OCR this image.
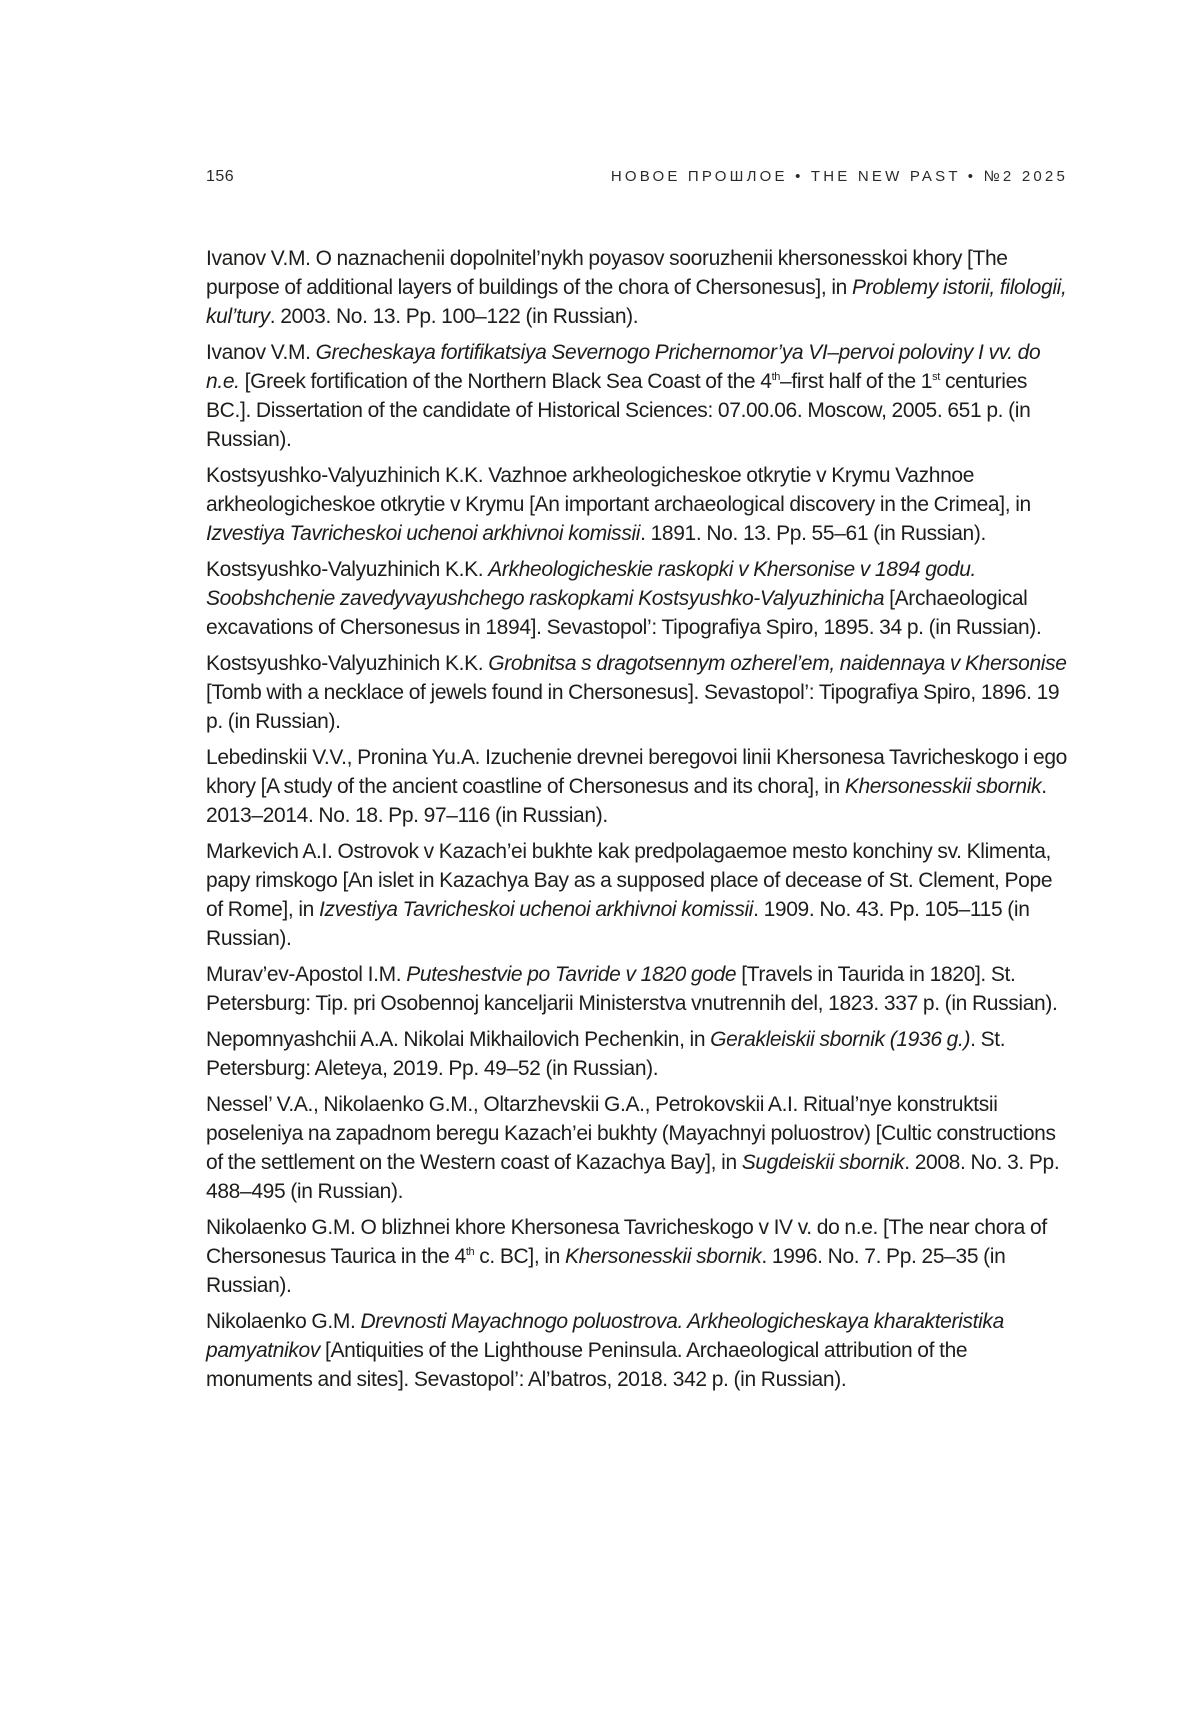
156	НОВОЕ ПРОШЛОЕ • THE NEW PAST • №2 2025

Ivanov V.M. O naznachenii dopolnitel’nykh poyasov sooruzhenii khersonesskoi khory [The purpose of additional layers of buildings of the chora of Chersonesus], in Problemy istorii, filologii, kul’tury. 2003. No. 13. Pp. 100–122 (in Russian).

Ivanov V.M. Grecheskaya fortifikatsiya Severnogo Prichernomor’ya VI–pervoi poloviny I vv. do n.e. [Greek fortification of the Northern Black Sea Coast of the 4th–first half of the 1st centuries BC.]. Dissertation of the candidate of Historical Sciences: 07.00.06. Moscow, 2005. 651 p. (in Russian).

Kostsyushko-Valyuzhinich K.K. Vazhnoe arkheologicheskoe otkrytie v Krymu Vazhnoe arkheologicheskoe otkrytie v Krymu [An important archaeological discovery in the Crimea], in Izvestiya Tavricheskoi uchenoi arkhivnoi komissii. 1891. No. 13. Pp. 55–61 (in Russian).

Kostsyushko-Valyuzhinich K.K. Arkheologicheskie raskopki v Khersonise v 1894 godu. Soobshchenie zavedyvayushchego raskopkami Kostsyushko-Valyuzhinicha [Archaeological excavations of Chersonesus in 1894]. Sevastopol’: Tipografiya Spiro, 1895. 34 p. (in Russian).

Kostsyushko-Valyuzhinich K.K. Grobnitsa s dragotsennym ozherel’em, naidennaya v Khersonise [Tomb with a necklace of jewels found in Chersonesus]. Sevastopol’: Tipografiya Spiro, 1896. 19 p. (in Russian).

Lebedinskii V.V., Pronina Yu.A. Izuchenie drevnei beregovoi linii Khersonesa Tavricheskogo i ego khory [A study of the ancient coastline of Chersonesus and its chora], in Khersonesskii sbornik. 2013–2014. No. 18. Pp. 97–116 (in Russian).

Markevich A.I. Ostrovok v Kazach’ei bukhte kak predpolagaemoe mesto konchiny sv. Klimenta, papy rimskogo [An islet in Kazachya Bay as a supposed place of decease of St. Clement, Pope of Rome], in Izvestiya Tavricheskoi uchenoi arkhivnoi komissii. 1909. No. 43. Pp. 105–115 (in Russian).

Murav’ev-Apostol I.M. Puteshestvie po Tavride v 1820 gode [Travels in Taurida in 1820]. St. Petersburg: Tip. pri Osobennoj kanceljarii Ministerstva vnutrennih del, 1823. 337 p. (in Russian).

Nepomnyashchii A.A. Nikolai Mikhailovich Pechenkin, in Gerakleiskii sbornik (1936 g.). St. Petersburg: Aleteya, 2019. Pp. 49–52 (in Russian).

Nessel’ V.A., Nikolaenko G.M., Oltarzhevskii G.A., Petrokovskii A.I. Ritual’nye konstruktsii poseleniya na zapadnom beregu Kazach’ei bukhty (Mayachnyi poluostrov) [Cultic constructions of the settlement on the Western coast of Kazachya Bay], in Sugdeiskii sbornik. 2008. No. 3. Pp. 488–495 (in Russian).

Nikolaenko G.M. O blizhnei khore Khersonesa Tavricheskogo v IV v. do n.e. [The near chora of Chersonesus Taurica in the 4th c. BC], in Khersonesskii sbornik. 1996. No. 7. Pp. 25–35 (in Russian).

Nikolaenko G.M. Drevnosti Mayachnogo poluostrova. Arkheologicheskaya kharakteristika pamyatnikov [Antiquities of the Lighthouse Peninsula. Archaeological attribution of the monuments and sites]. Sevastopol’: Al’batros, 2018. 342 p. (in Russian).
